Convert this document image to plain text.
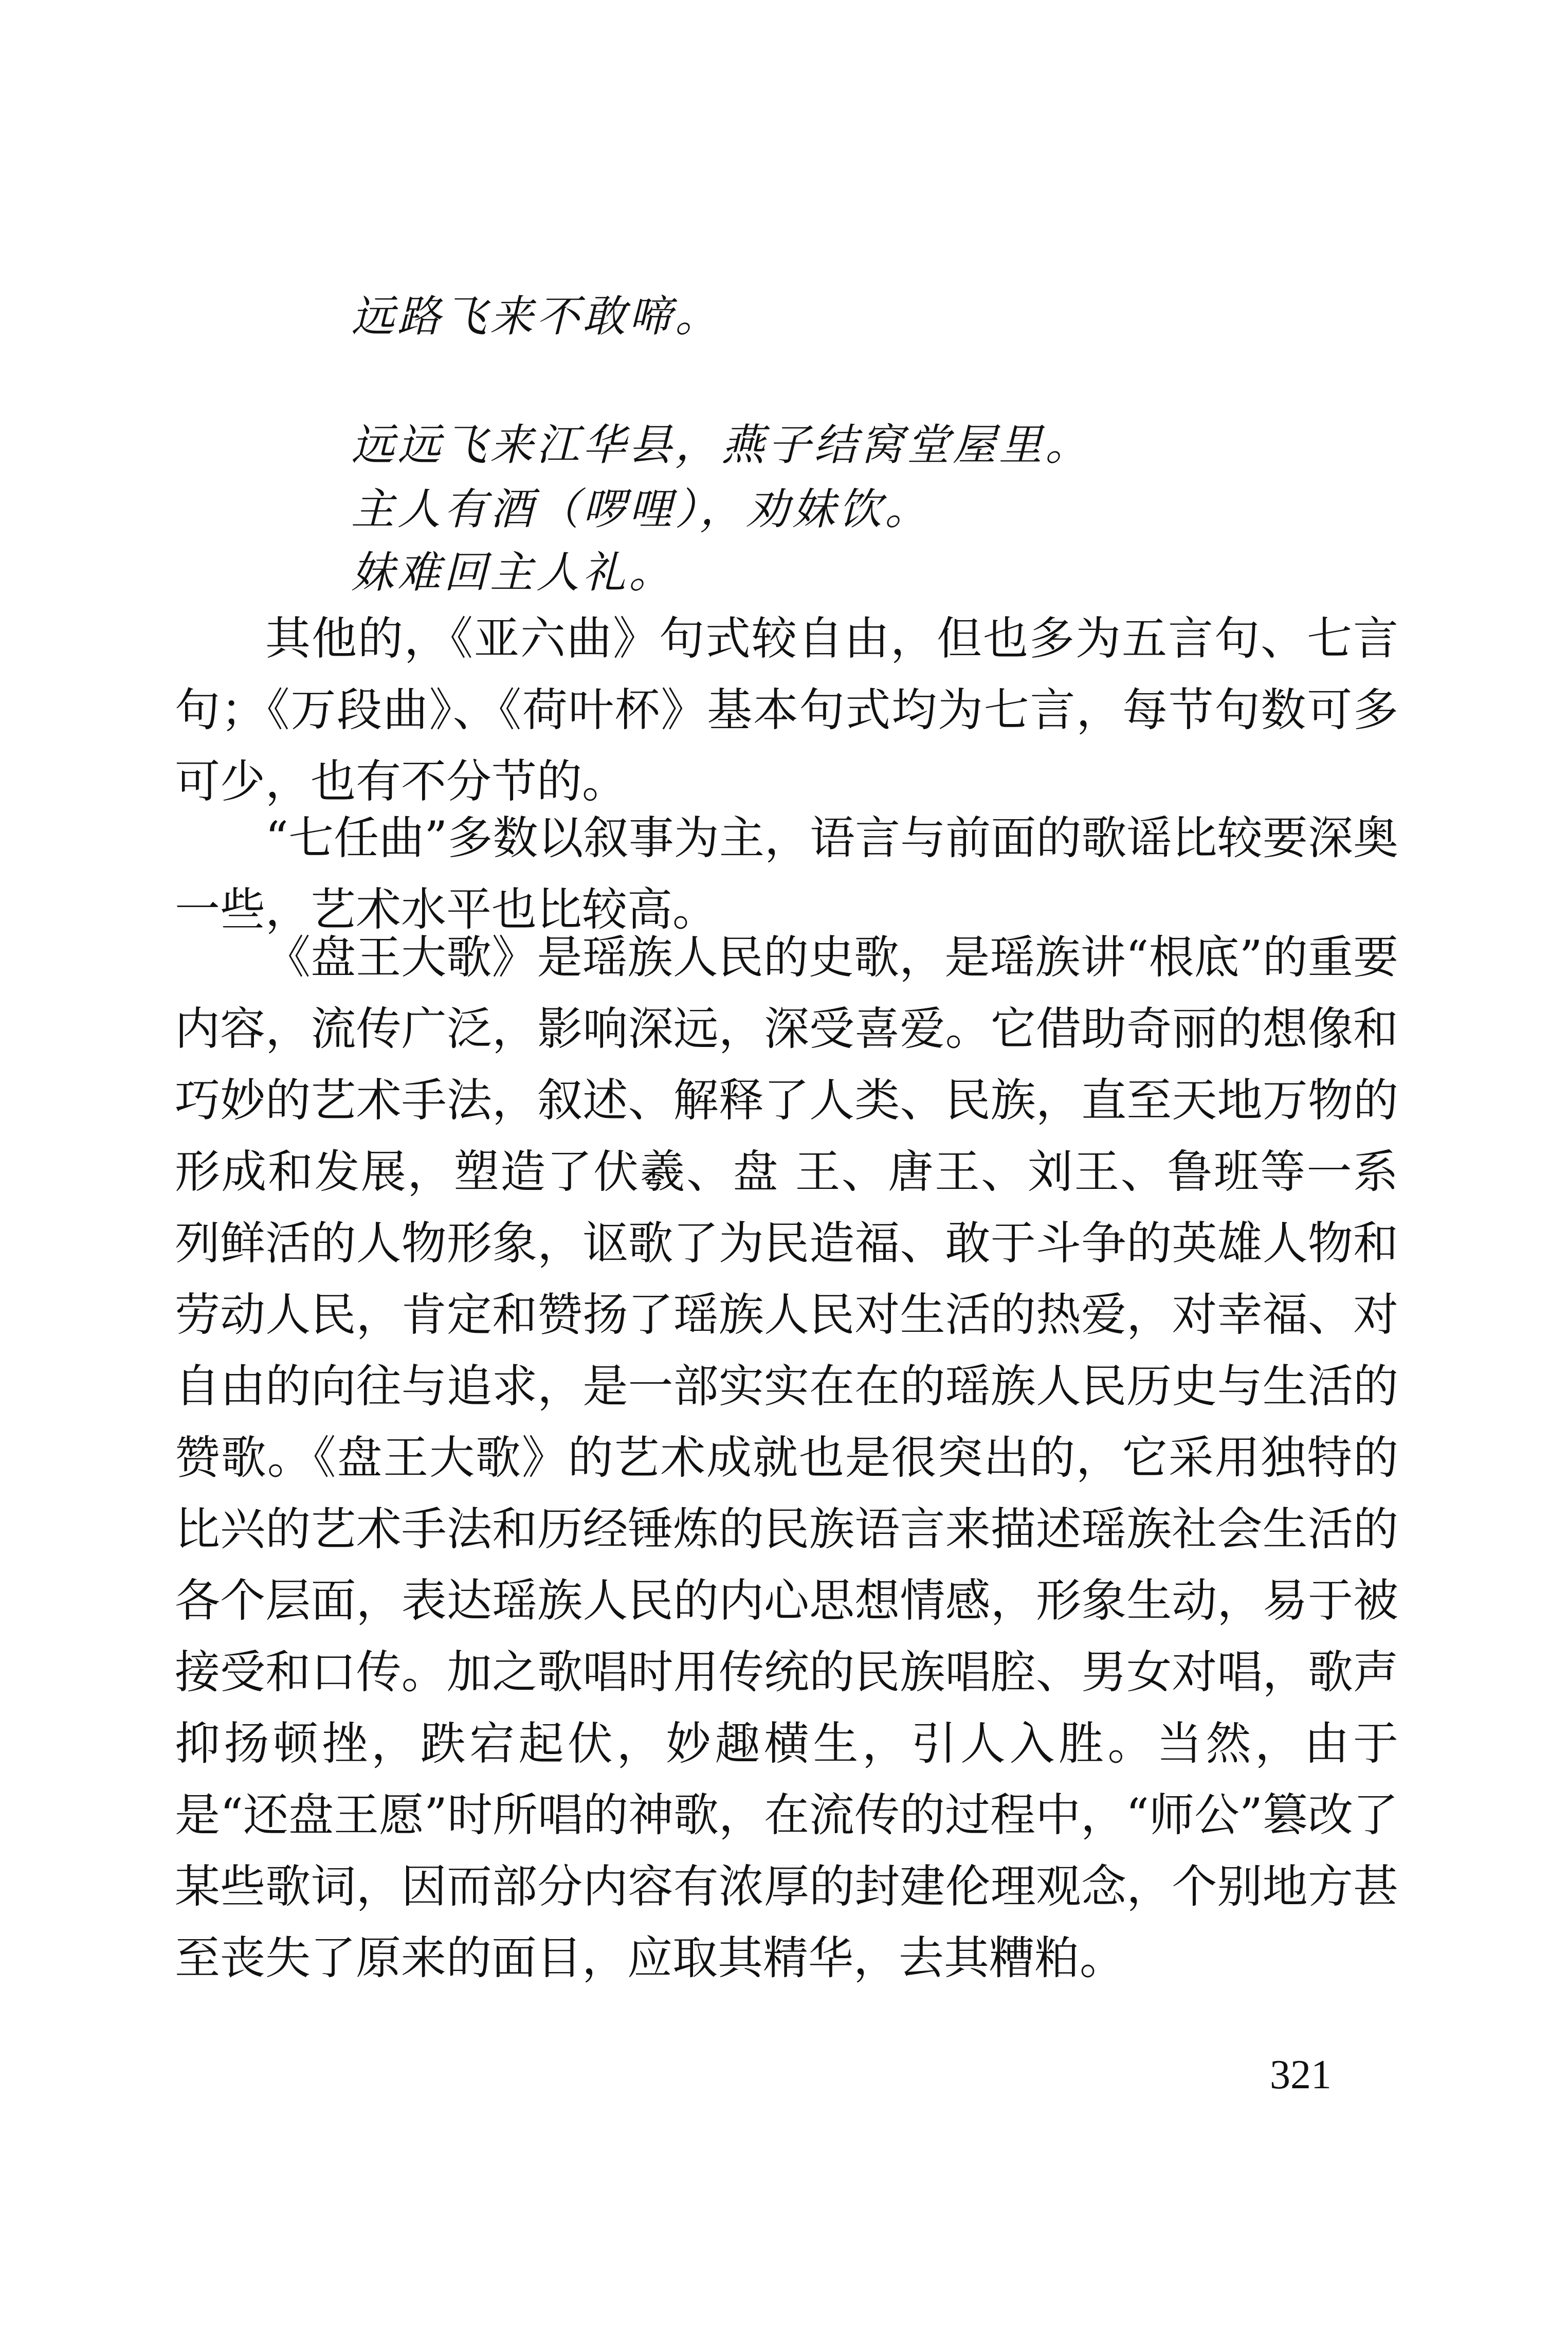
远路飞来不敢啼。
远远飞来江华县，燕子结窝堂屋里。
主人有酒（啰哩），劝妹饮。
妹难回主人礼。

其他的，《亚六曲》句式较自由，但也多为五言句、七言句；《万段曲》、《荷叶杯》基本句式均为七言，每节句数可多可少，也有不分节的。

“七任曲”多数以叙事为主，语言与前面的歌谣比较要深奥一些，艺术水平也比较高。

《盘王大歌》是瑶族人民的史歌，是瑶族讲“根底”的重要内容，流传广泛，影响深远，深受喜爱。它借助奇丽的想像和巧妙的艺术手法，叙述、解释了人类、民族，直至天地万物的形成和发展，塑造了伏羲、盘 王、唐王、刘王、鲁班等一系列鲜活的人物形象，讴歌了为民造福、敢于斗争的英雄人物和劳动人民，肯定和赞扬了瑶族人民对生活的热爱，对幸福、对自由的向往与追求，是一部实实在在的瑶族人民历史与生活的赞歌。《盘王大歌》的艺术成就也是很突出的，它采用独特的比兴的艺术手法和历经锤炼的民族语言来描述瑶族社会生活的各个层面，表达瑶族人民的内心思想情感，形象生动，易于被接受和口传。加之歌唱时用传统的民族唱腔、男女对唱，歌声抑扬顿挫，跌宕起伏，妙趣横生，引人入胜。当然，由于是“还盘王愿”时所唱的神歌，在流传的过程中，“师公”篡改了某些歌词，因而部分内容有浓厚的封建伦理观念，个别地方甚至丧失了原来的面目，应取其精华，去其糟粕。

321
